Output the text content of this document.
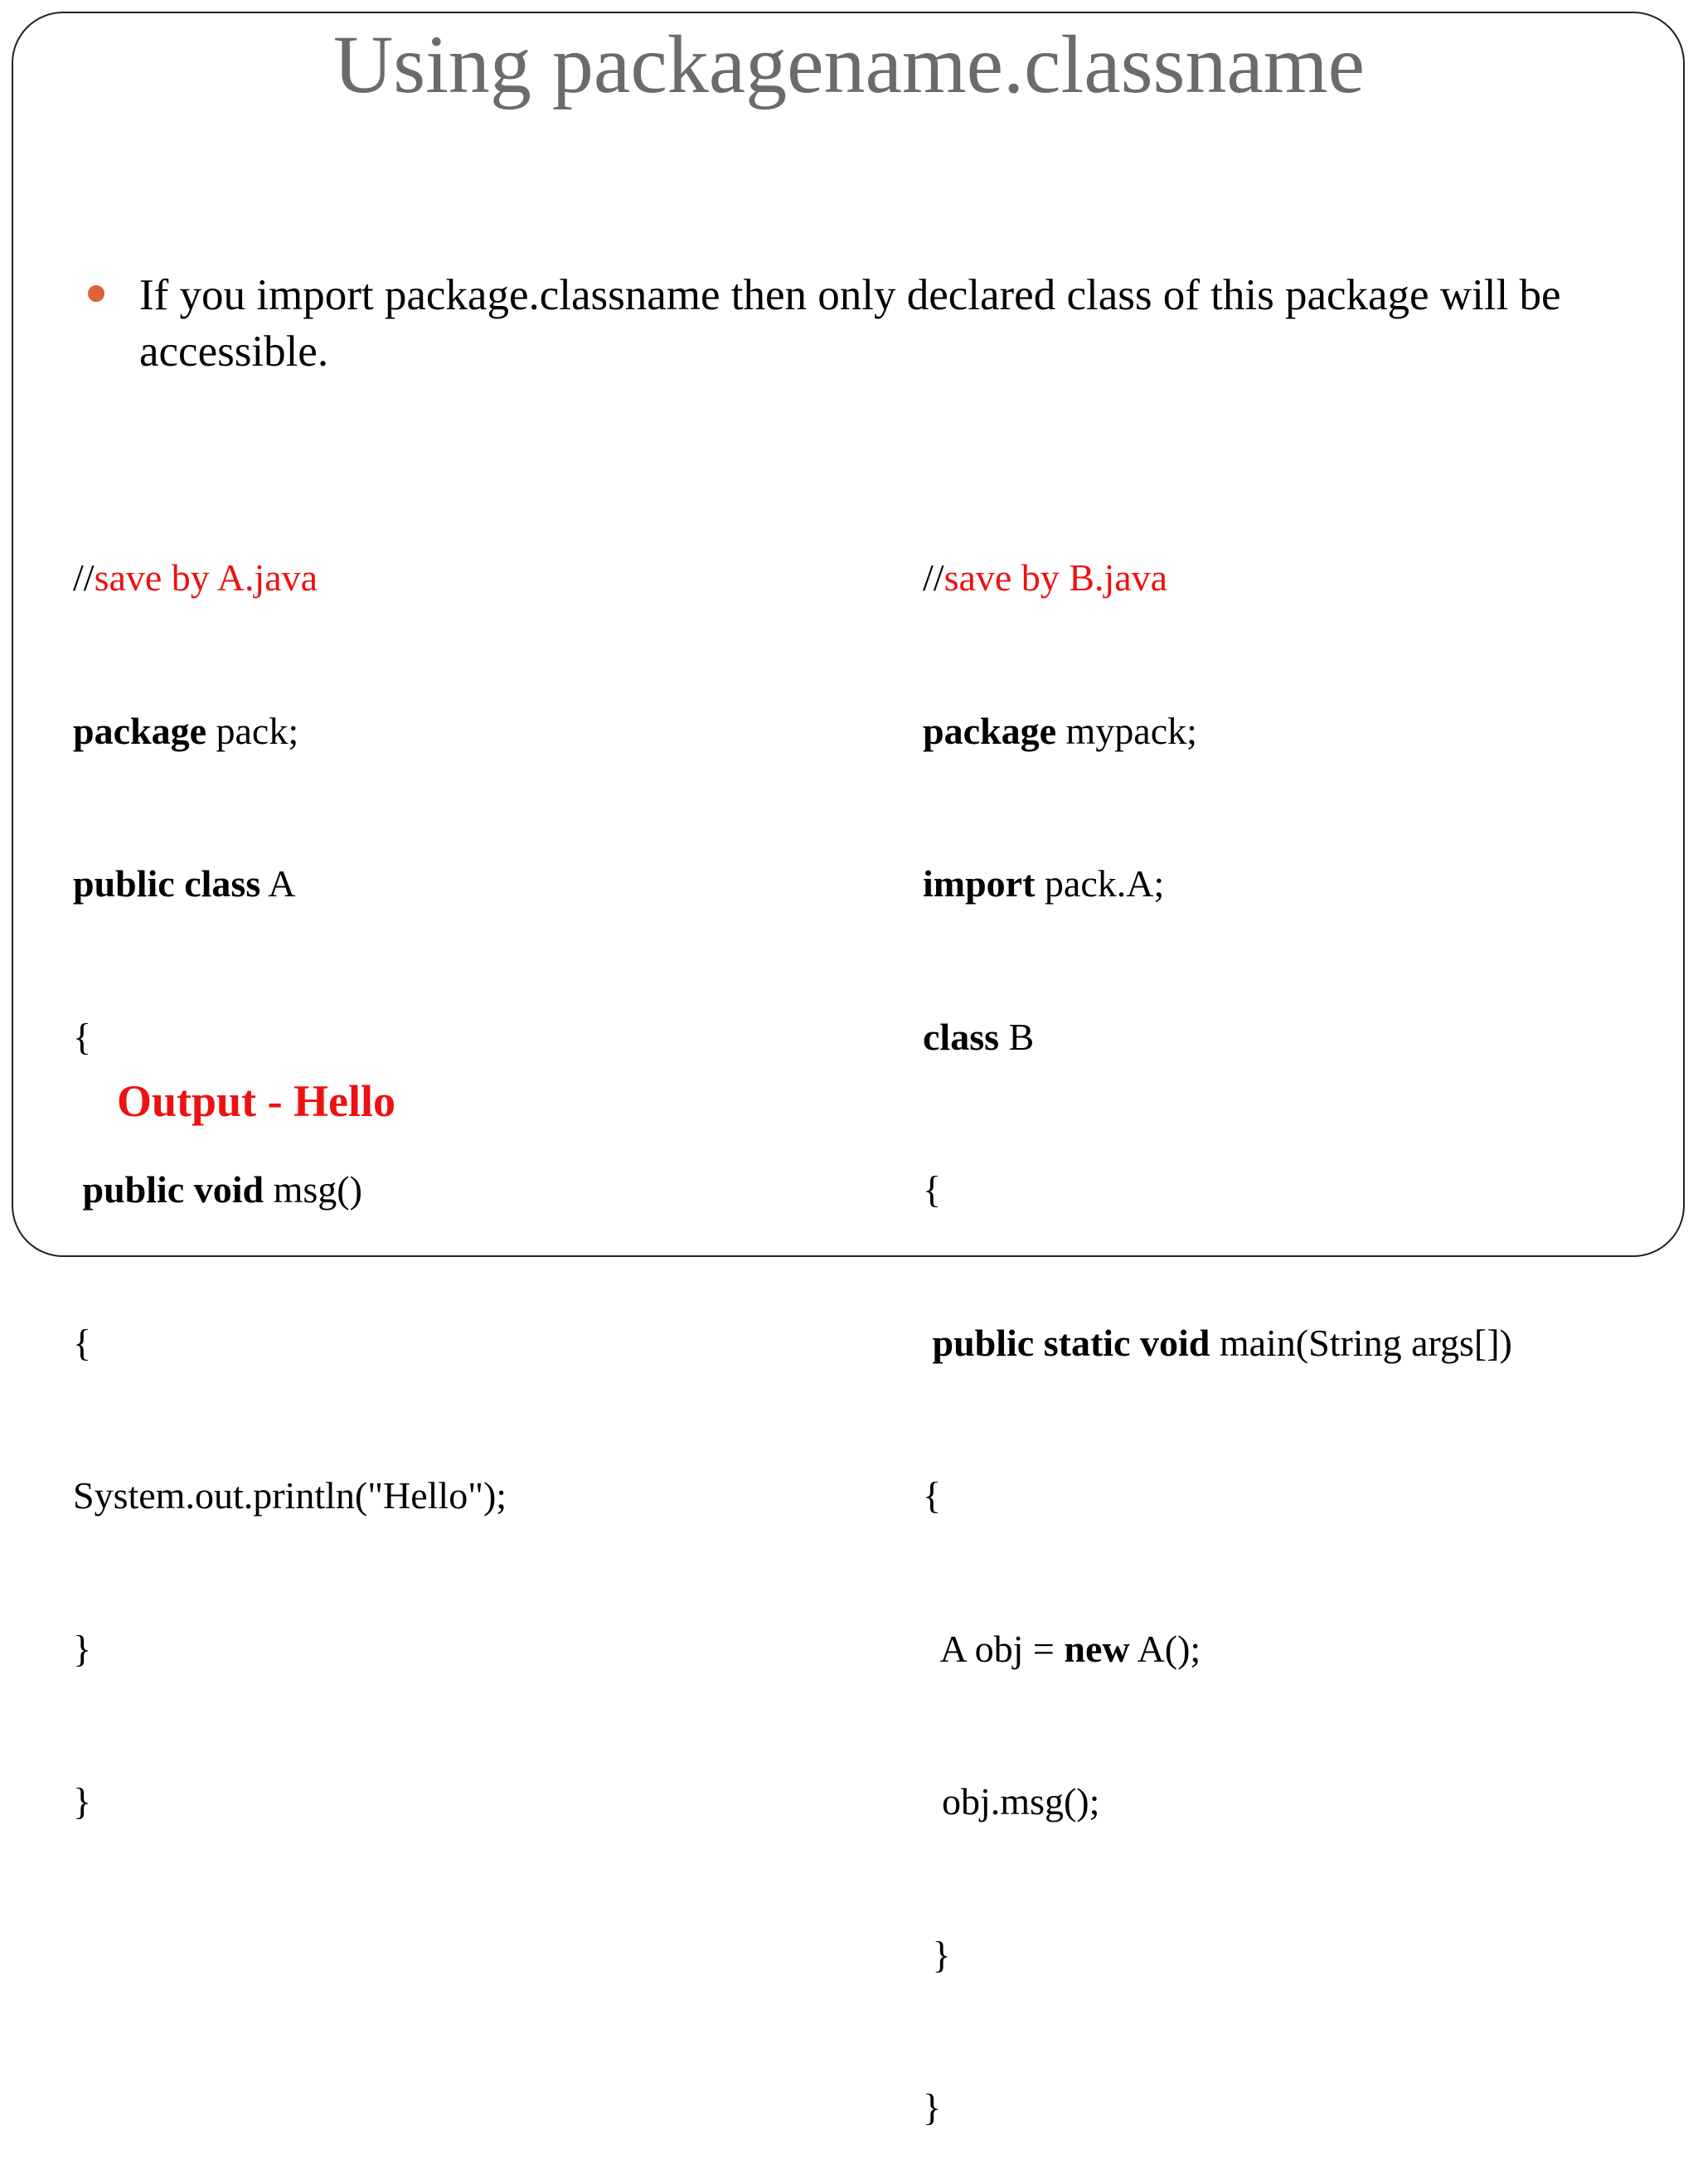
Using packagename.classname
If you import package.classname then only declared class of this package will be accessible.

//save by A.java

package pack;

public class A

{

public void msg()

{

System.out.println("Hello");

}

}

//save by B.java

package mypack;

import pack.A;

class B

{

public static void main(String args[])

{

A obj = new A();

obj.msg();

}

}

Output - Hello
